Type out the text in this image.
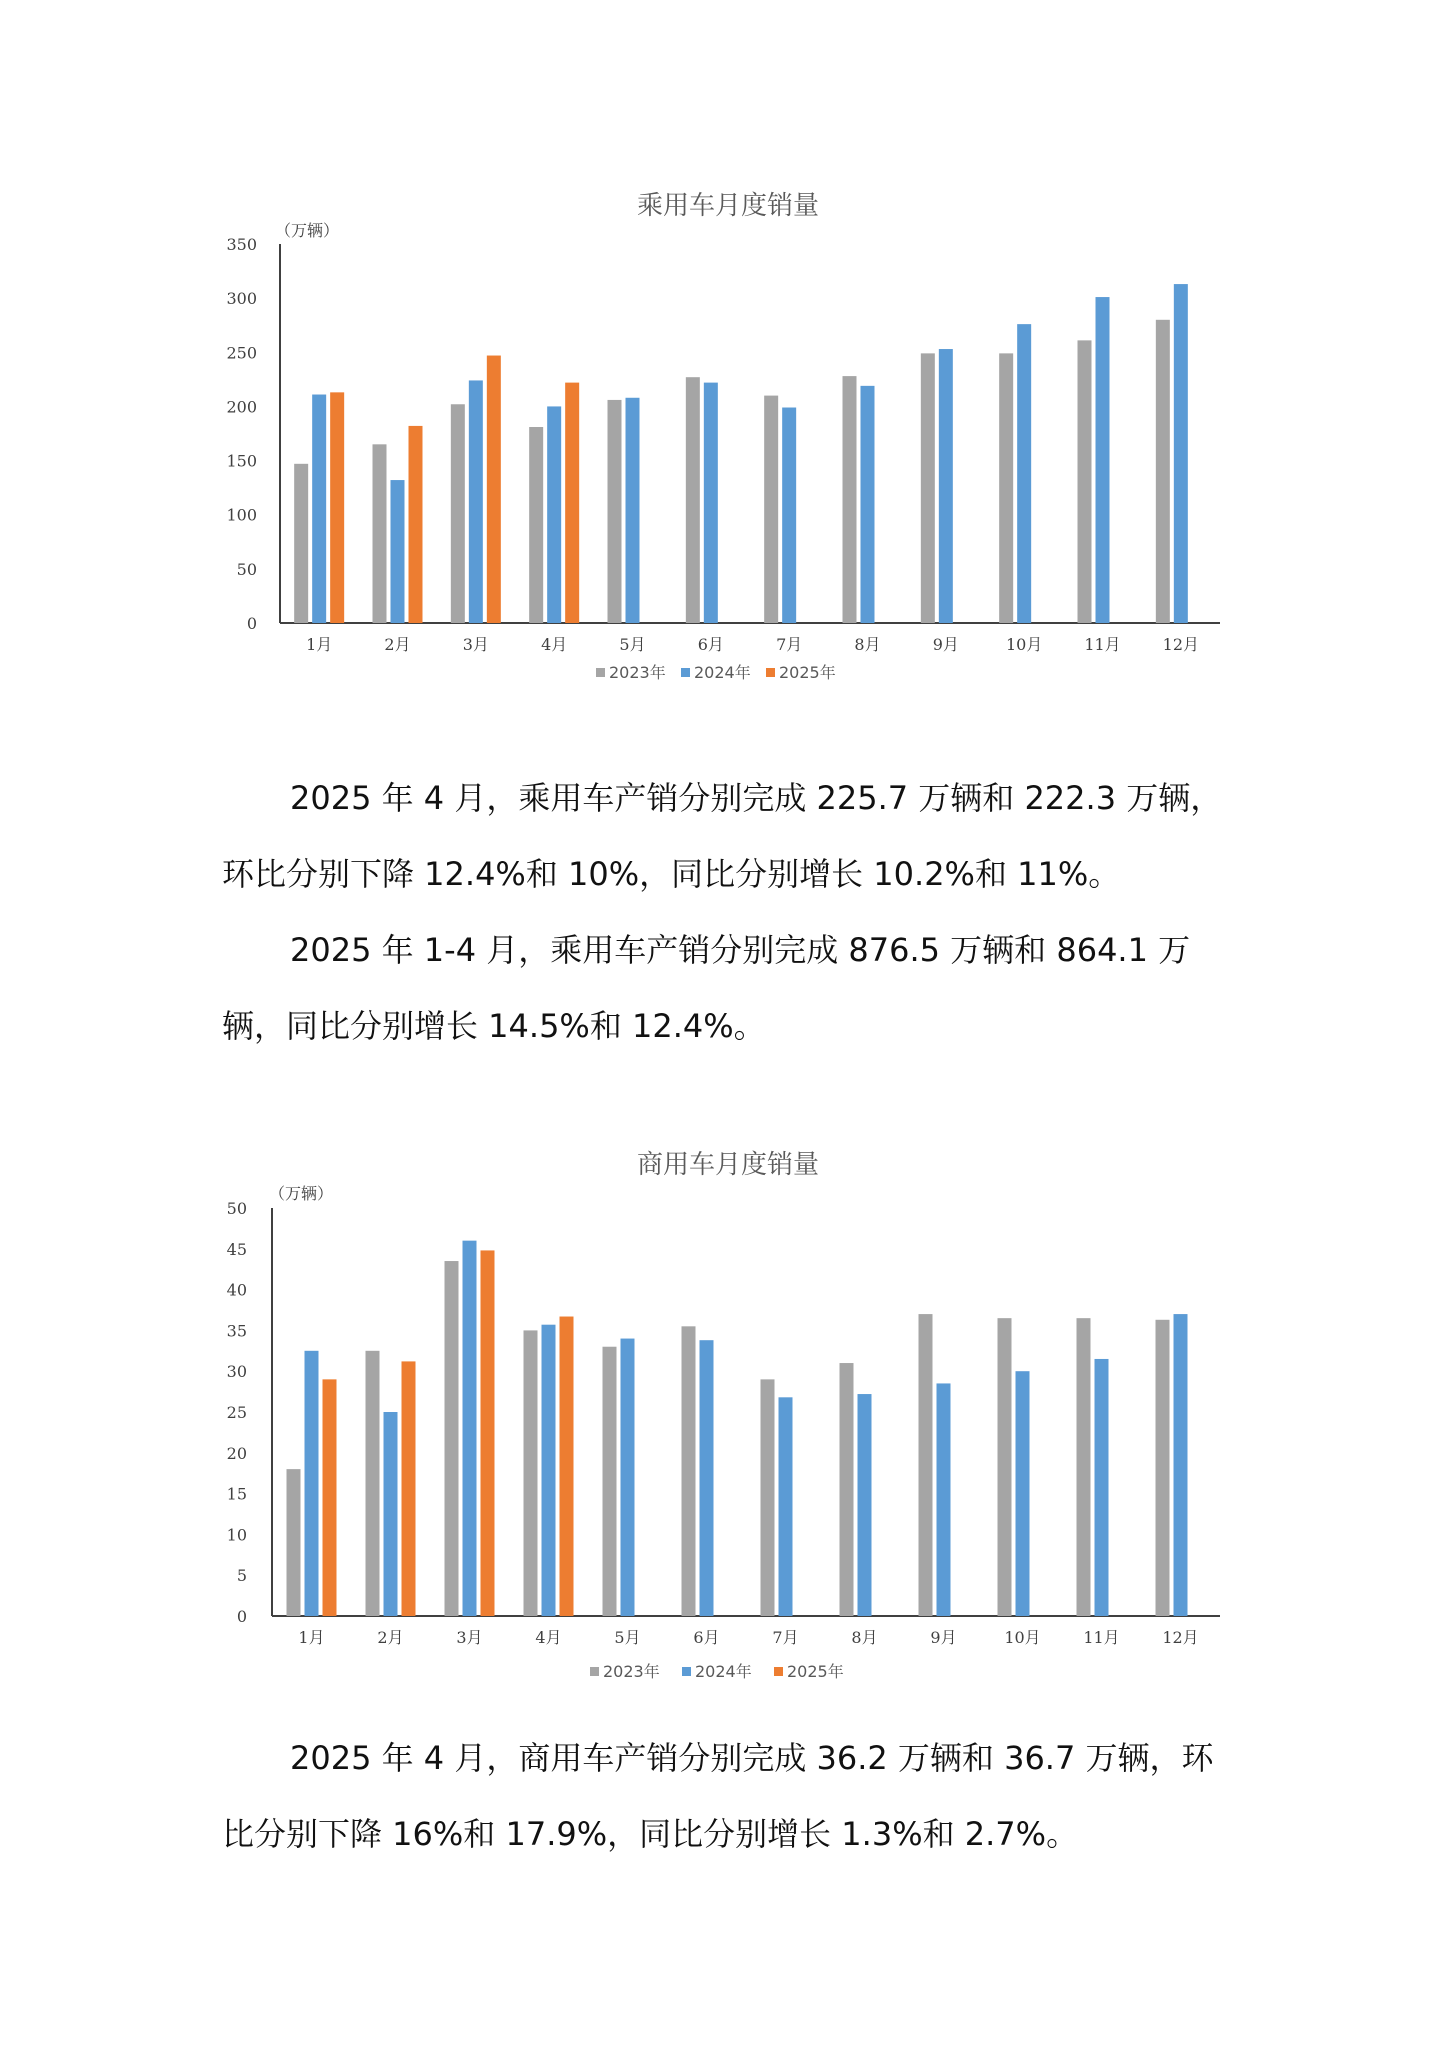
乘用车月度销量
（万辆）
0
50
100
150
200
250
300
350
1月	2月	3月	4月	5月	6月	7月	8月	9月	10月	11月	12月
2023年 2024年 2025年

2025 年 4 月，乘用车产销分别完成 225.7 万辆和 222.3 万辆，环比分别下降 12.4%和 10%，同比分别增长 10.2%和 11%。

2025 年 1-4 月，乘用车产销分别完成 876.5 万辆和 864.1 万辆，同比分别增长 14.5%和 12.4%。

商用车月度销量
（万辆）
0
5
10
15
20
25
30
35
40
45
50
1月	2月	3月	4月	5月	6月	7月	8月	9月	10月	11月	12月
2023年 2024年 2025年

2025 年 4 月，商用车产销分别完成 36.2 万辆和 36.7 万辆，环比分别下降 16%和 17.9%，同比分别增长 1.3%和 2.7%。
